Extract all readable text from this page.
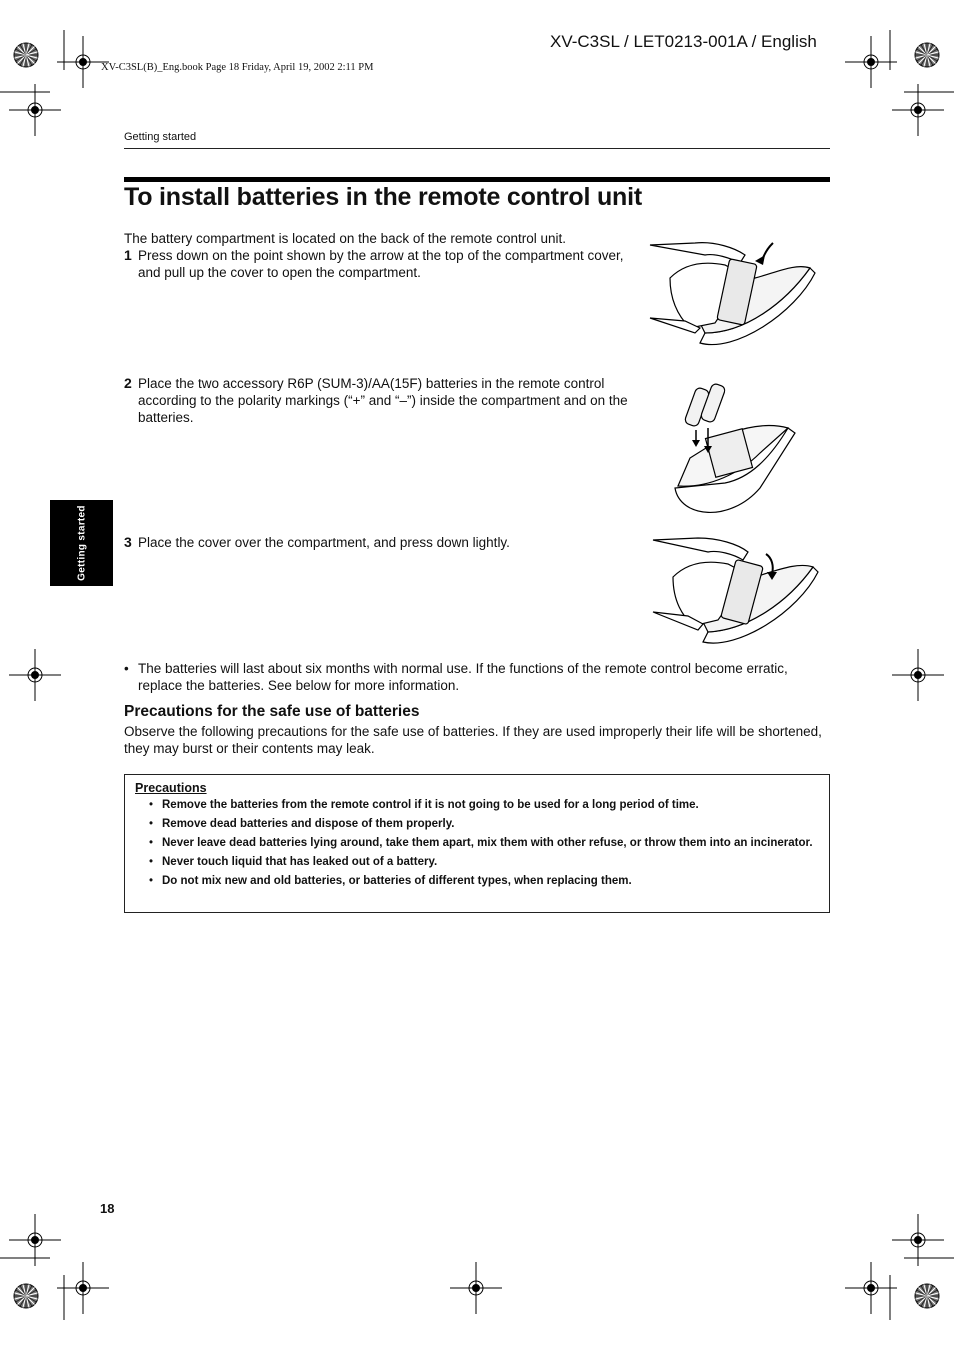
XV-C3SL / LET0213-001A / English
XV-C3SL(B)_Eng.book Page 18 Friday, April 19, 2002 2:11 PM
Getting started
To install batteries in the remote control unit
The battery compartment is located on the back of the remote control unit.
1 Press down on the point shown by the arrow at the top of the compartment cover, and pull up the cover to open the compartment.
2 Place the two accessory R6P (SUM-3)/AA(15F) batteries in the remote control according to the polarity markings (“+” and “–”) inside the compartment and on the batteries.
3 Place the cover over the compartment, and press down lightly.
• The batteries will last about six months with normal use. If the functions of the remote control become erratic, replace the batteries. See below for more information.
Precautions for the safe use of batteries
Observe the following precautions for the safe use of batteries. If they are used improperly their life will be shortened, they may burst or their contents may leak.
Precautions
• Remove the batteries from the remote control if it is not going to be used for a long period of time.
• Remove dead batteries and dispose of them properly.
• Never leave dead batteries lying around, take them apart, mix them with other refuse, or throw them into an incinerator.
• Never touch liquid that has leaked out of a battery.
• Do not mix new and old batteries, or batteries of different types, when replacing them.
Getting started
18
